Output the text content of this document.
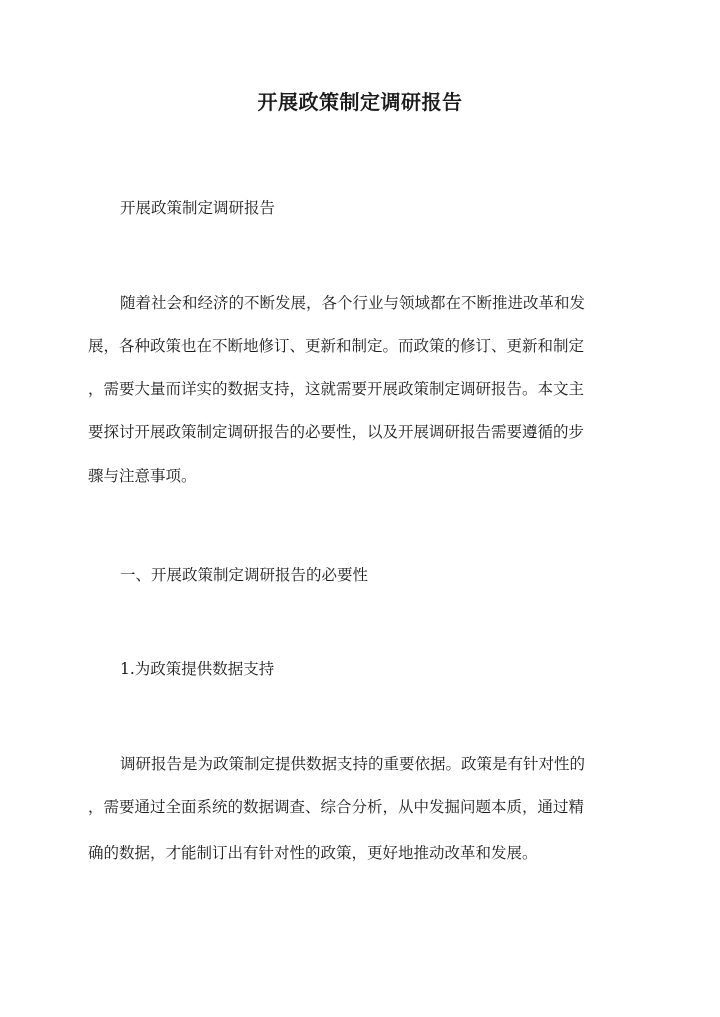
开展政策制定调研报告
开展政策制定调研报告
随着社会和经济的不断发展，各个行业与领域都在不断推进改革和发
展，各种政策也在不断地修订、更新和制定。而政策的修订、更新和制定
，需要大量而详实的数据支持，这就需要开展政策制定调研报告。本文主
要探讨开展政策制定调研报告的必要性，以及开展调研报告需要遵循的步
骤与注意事项。
一、开展政策制定调研报告的必要性
1.为政策提供数据支持
调研报告是为政策制定提供数据支持的重要依据。政策是有针对性的
，需要通过全面系统的数据调查、综合分析，从中发掘问题本质，通过精
确的数据，才能制订出有针对性的政策，更好地推动改革和发展。
